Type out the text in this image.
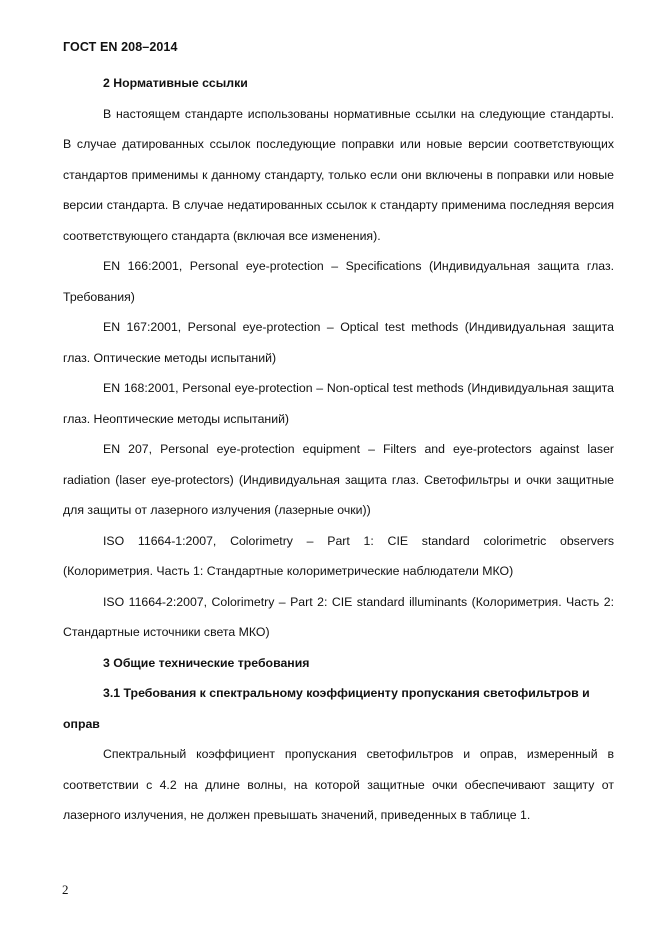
ГОСТ EN 208–2014
2 Нормативные ссылки

В настоящем стандарте использованы нормативные ссылки на следующие стандарты. В случае датированных ссылок последующие поправки или новые версии соответствующих стандартов применимы к данному стандарту, только если они включены в поправки или новые версии стандарта. В случае недатированных ссылок к стандарту применима последняя версия соответствующего стандарта (включая все изменения).

EN 166:2001, Personal eye-protection – Specifications (Индивидуальная защита глаз. Требования)

EN 167:2001, Personal eye-protection – Optical test methods (Индивидуальная защита глаз. Оптические методы испытаний)

EN 168:2001, Personal eye-protection – Non-optical test methods (Индивидуальная защита глаз. Неоптические методы испытаний)

EN 207, Personal eye-protection equipment – Filters and eye-protectors against laser radiation (laser eye-protectors) (Индивидуальная защита глаз. Светофильтры и очки защитные для защиты от лазерного излучения (лазерные очки))

ISO 11664-1:2007, Colorimetry – Part 1: CIE standard colorimetric observers (Колориметрия. Часть 1: Стандартные колориметрические наблюдатели МКО)

ISO 11664-2:2007, Colorimetry – Part 2: CIE standard illuminants (Колориметрия. Часть 2: Стандартные источники света МКО)

3 Общие технические требования
3.1 Требования к спектральному коэффициенту пропускания светофильтров и оправ

Спектральный коэффициент пропускания светофильтров и оправ, измеренный в соответствии с 4.2 на длине волны, на которой защитные очки обеспечивают защиту от лазерного излучения, не должен превышать значений, приведенных в таблице 1.

2
